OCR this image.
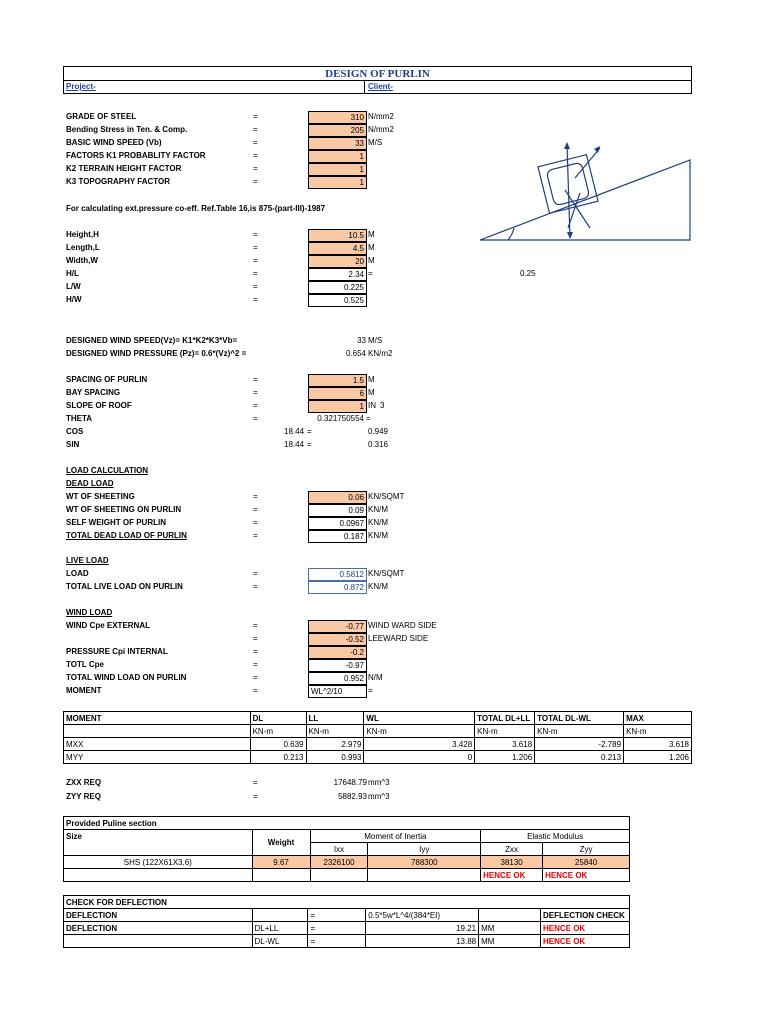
DESIGN OF PURLIN
Project-	Client-
GRADE OF STEEL	=	310 N/mm2
Bending Stress in Ten. & Comp.	=	205 N/mm2
BASIC WIND SPEED (Vb)	=	33 M/S
FACTORS K1 PROBABLITY FACTOR	=	1
K2 TERRAIN HEIGHT FACTOR	=	1
K3 TOPOGRAPHY FACTOR	=	1
For calculating ext.pressure co-eff. Ref.Table 16,is 875-(part-III)-1987
Height,H	=	10.5 M
Length,L	=	4.5 M
Width,W	=	20 M
H/L	=	2.34 =
L/W	=	0.225
H/W	=	0.525
0.25
DESIGNED WIND SPEED(Vz)= K1*K2*K3*Vb=	33 M/S
DESIGNED WIND PRESSURE (Pz)= 0.6*(Vz)^2 =	0.654 KN/m2
SPACING OF PURLIN	=	1.5 M
BAY SPACING	=	6 M
SLOPE OF ROOF	=	1 IN 3
THETA	=	0.321750554 =
COS	18.44 =	0.949
SIN	18.44 =	0.316
LOAD CALCULATION
DEAD LOAD
WT OF SHEETING	=	0.06 KN/SQMT
WT OF SHEETING ON PURLIN	=	0.09 KN/M
SELF WEIGHT OF PURLIN	=	0.0967 KN/M
TOTAL DEAD LOAD OF PURLIN	=	0.187 KN/M
LIVE LOAD
LOAD	=	0.5812 KN/SQMT
TOTAL LIVE LOAD ON PURLIN	=	0.872 KN/M
WIND LOAD
WIND Cpe EXTERNAL	=	-0.77 WIND WARD SIDE
=	-0.52 LEEWARD SIDE
PRESSURE Cpi INTERNAL	=	-0.2
TOTL Cpe	=	-0.97
TOTAL WIND LOAD ON PURLIN	=	0.952 N/M
MOMENT	=	WL^2/10	=
MOMENT	DL	LL	WL	TOTAL DL+LL	TOTAL DL-WL	MAX
	KN-m	KN-m	KN-m	KN-m	KN-m	KN-m
MXX	0.639	2.979	3.428	3.618	-2.789	3.618
MYY	0.213	0.993	0	1.206	0.213	1.206
ZXX REQ	=	17648.79 mm^3
ZYY REQ	=	5882.93 mm^3
Provided Puline section					
Size	Weight	Moment of Inertia		Elastic Modulus	
		Ixx	Iyy	Zxx	Zyy
SHS (122X61X3.6)	9.67	2326100	788300	38130	25840
				HENCE OK	HENCE OK
CHECK FOR DEFLECTION					
DEFLECTION		=	0.5*5w*L^4/(384*EI)		DEFLECTION CHECK
DEFLECTION	DL+LL	=	19.21	MM	HENCE OK
	DL-WL	=	13.88	MM	HENCE OK
